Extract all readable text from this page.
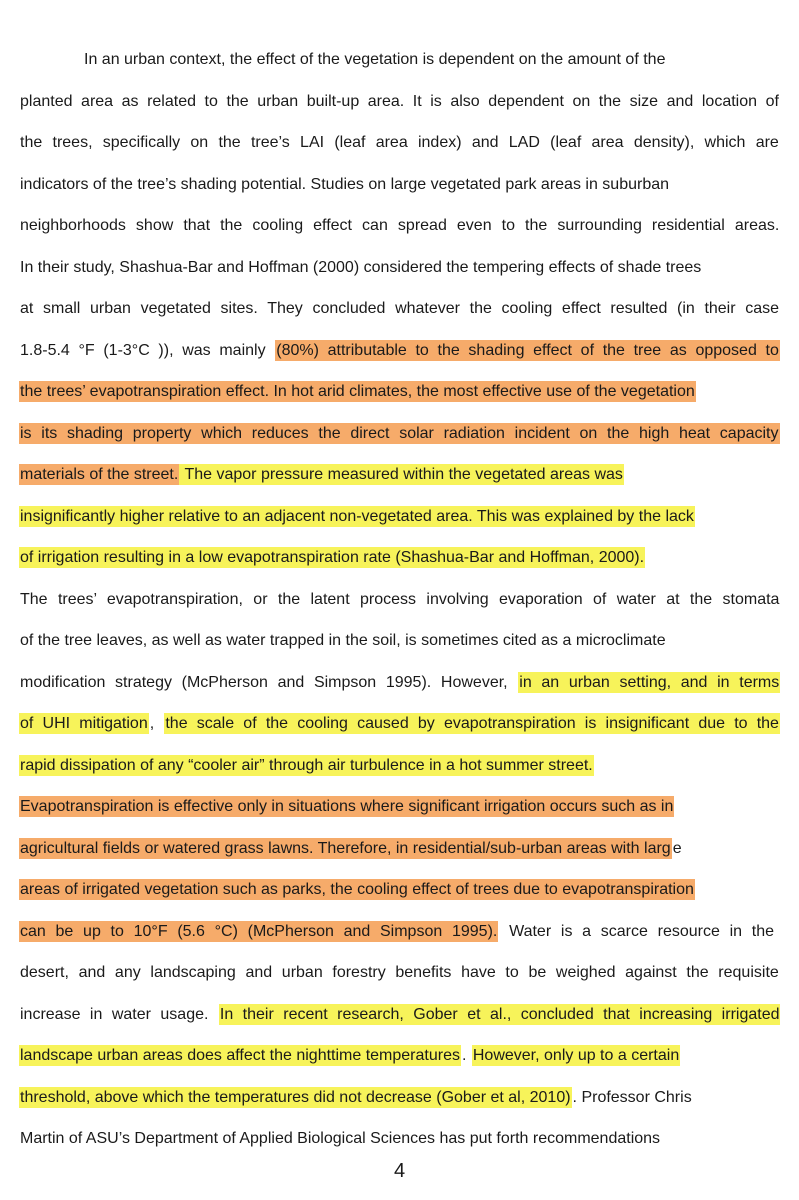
In an urban context, the effect of the vegetation is dependent on the amount of the
planted area as related to the urban built-up area. It is also dependent on the size and location of
the trees, specifically on the tree’s LAI (leaf area index) and LAD (leaf area density), which are
indicators of the tree’s shading potential. Studies on large vegetated park areas in suburban
neighborhoods show that the cooling effect can spread even to the surrounding residential areas.
In their study, Shashua-Bar and Hoffman (2000) considered the tempering effects of shade trees
at small urban vegetated sites. They concluded whatever the cooling effect resulted (in their case
1.8-5.4 °F (1-3°C )), was mainly (80%) attributable to the shading effect of the tree as opposed to
the trees’ evapotranspiration effect. In hot arid climates, the most effective use of the vegetation
is its shading property which reduces the direct solar radiation incident on the high heat capacity
materials of the street. The vapor pressure measured within the vegetated areas was
insignificantly higher relative to an adjacent non-vegetated area. This was explained by the lack
of irrigation resulting in a low evapotranspiration rate (Shashua-Bar and Hoffman, 2000).
The trees’ evapotranspiration, or the latent process involving evaporation of water at the stomata
of the tree leaves, as well as water trapped in the soil, is sometimes cited as a microclimate
modification strategy (McPherson and Simpson 1995). However, in an urban setting, and in terms
of UHI mitigation , the scale of the cooling caused by evapotranspiration is insignificant due to the
rapid dissipation of any “cooler air” through air turbulence in a hot summer street.
Evapotranspiration is effective only in situations where significant irrigation occurs such as in
agricultural fields or watered grass lawns. Therefore, in residential/sub-urban areas with larg e
areas of irrigated vegetation such as parks, the cooling effect of trees due to evapotranspiration
can be up to 10°F (5.6 °C) (McPherson and Simpson 1995). Water is a scarce resource in the
desert, and any landscaping and urban forestry benefits have to be weighed against the requisite
increase in water usage. In their recent research, Gober et al., concluded that increasing irrigated
landscape urban areas does affect the nighttime temperatures . However, only up to a certain
threshold, above which the temperatures did not decrease (Gober et al, 2010) . Professor Chris
Martin of ASU’s Department of Applied Biological Sciences has put forth recommendations
4
